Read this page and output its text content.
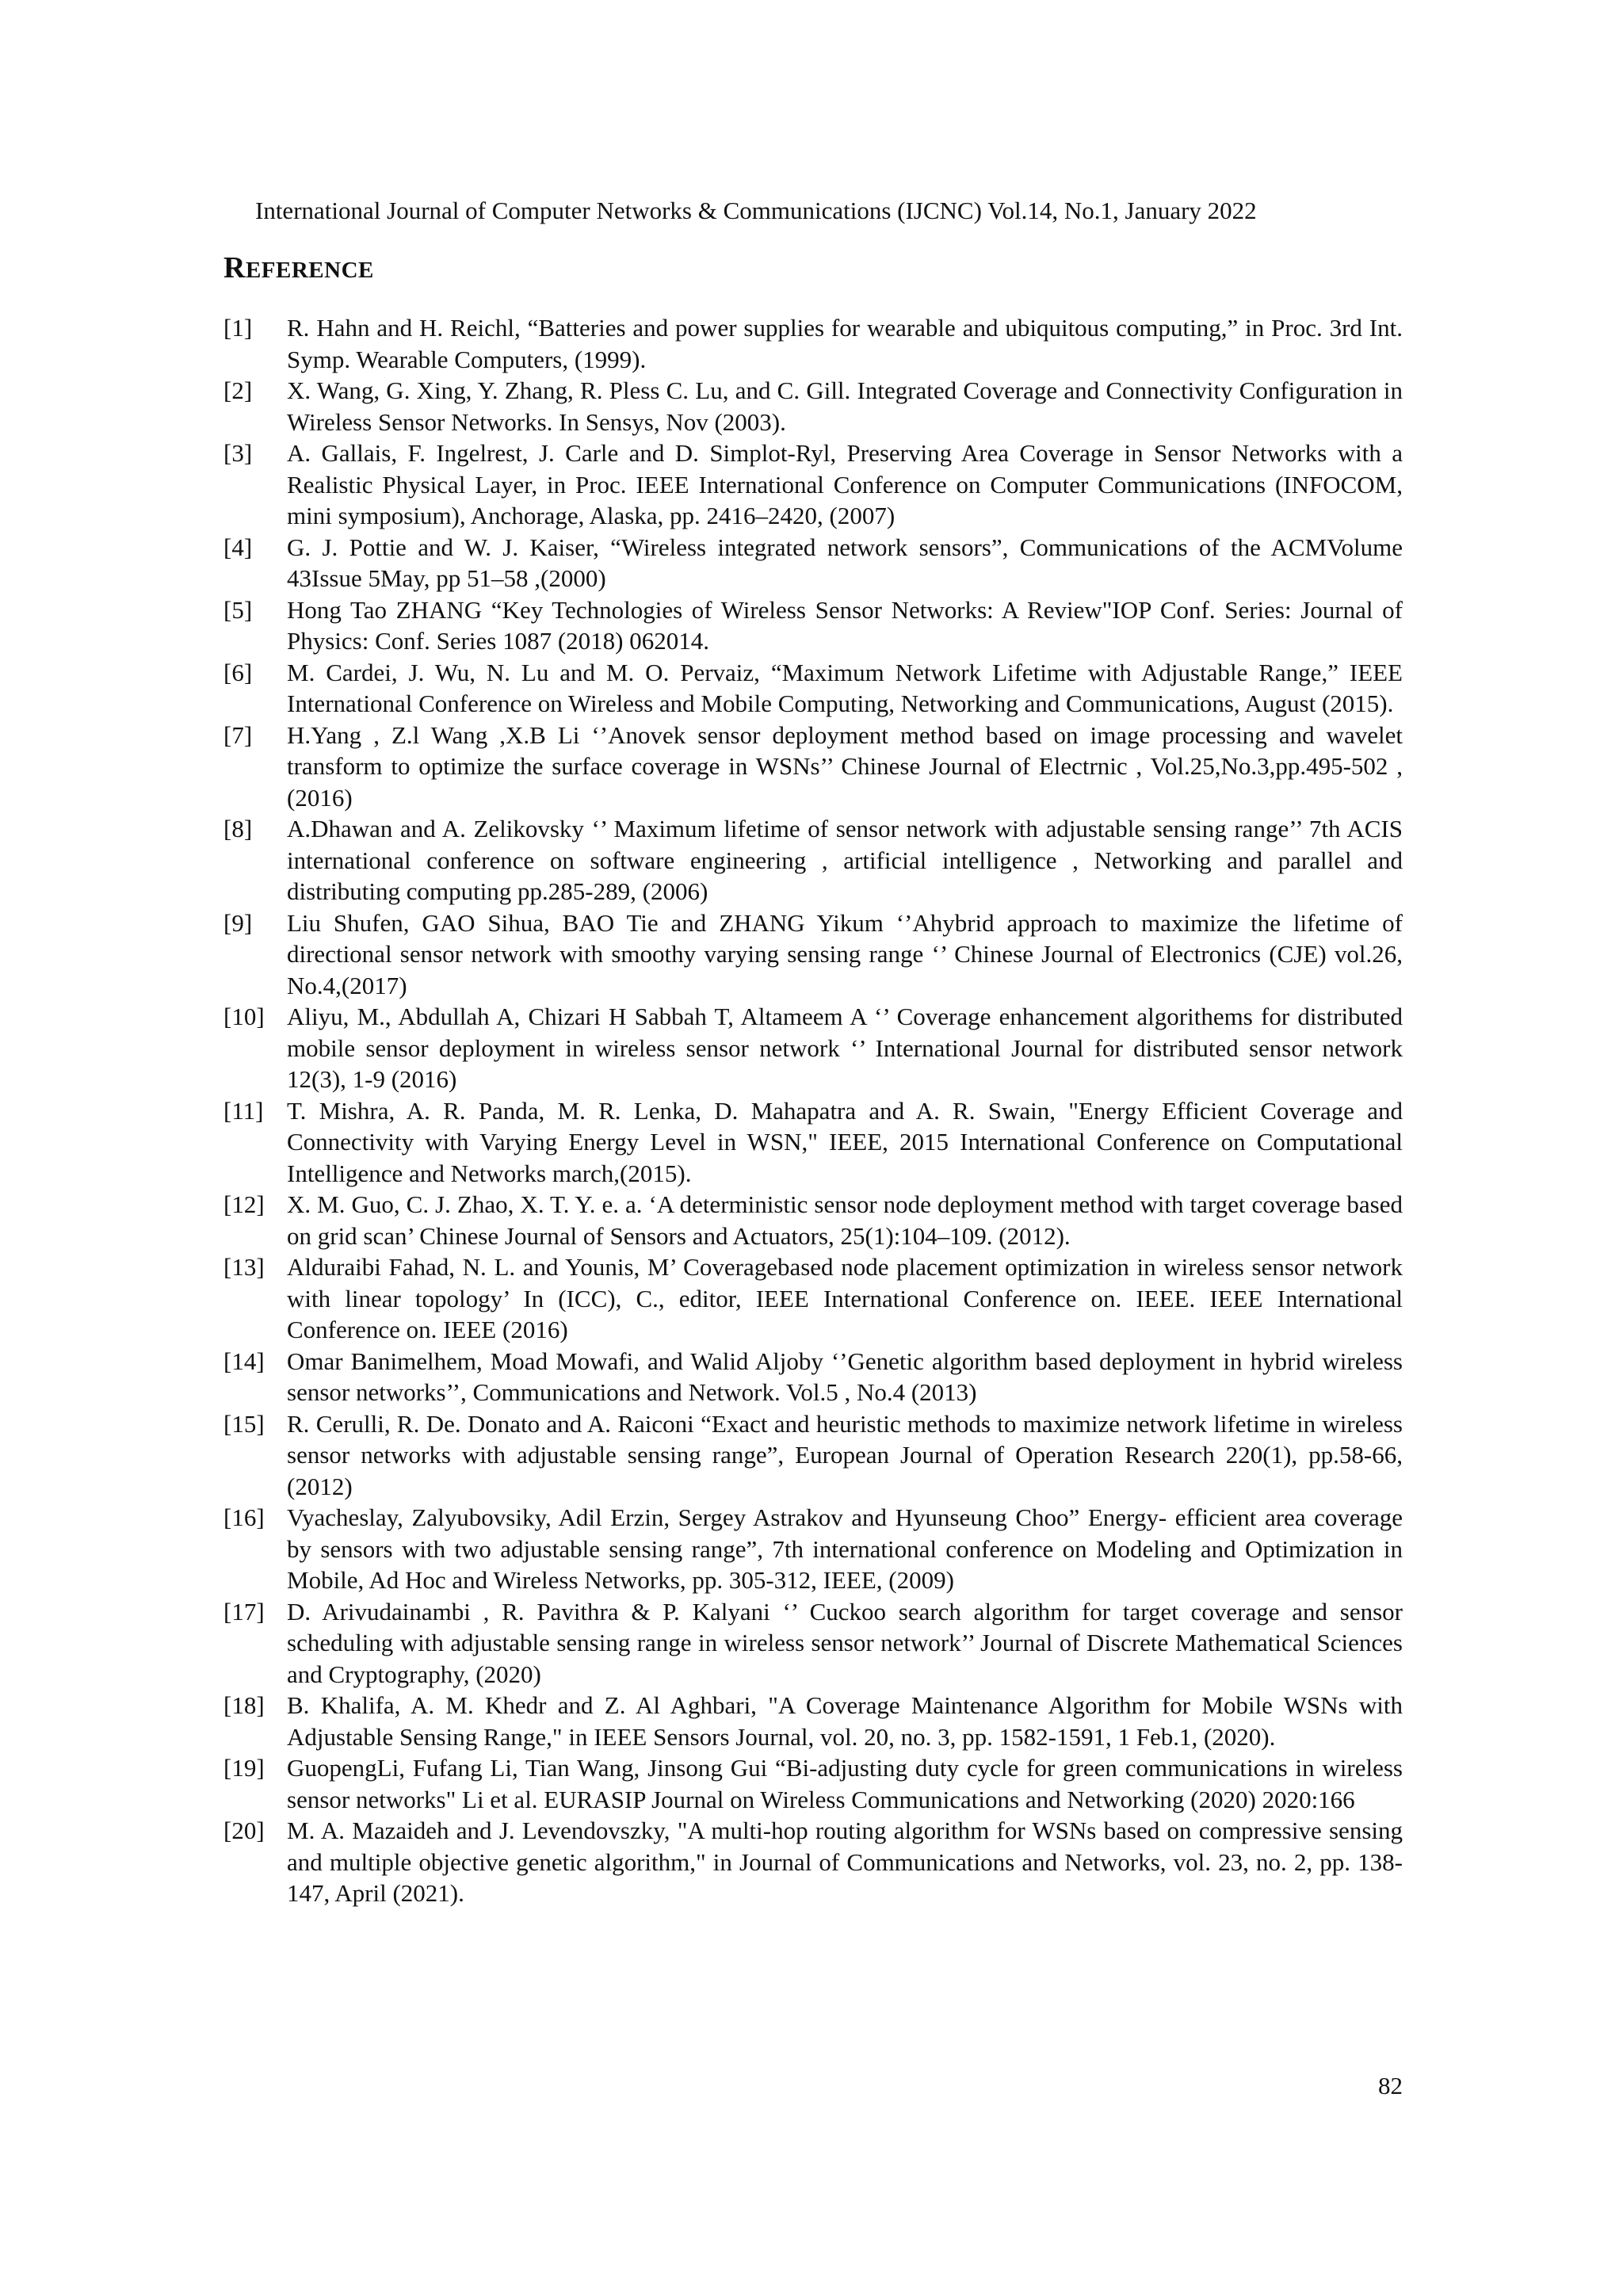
International Journal of Computer Networks & Communications (IJCNC) Vol.14, No.1, January 2022
REFERENCE
[1]	R. Hahn and H. Reichl, “Batteries and power supplies for wearable and ubiquitous computing,” in Proc. 3rd Int. Symp. Wearable Computers, (1999).
[2]	X. Wang, G. Xing, Y. Zhang, R. Pless C. Lu, and C. Gill. Integrated Coverage and Connectivity Configuration in Wireless Sensor Networks. In Sensys, Nov (2003).
[3]	A. Gallais, F. Ingelrest, J. Carle and D. Simplot-Ryl, Preserving Area Coverage in Sensor Networks with a Realistic Physical Layer, in Proc. IEEE International Conference on Computer Communications (INFOCOM, mini symposium), Anchorage, Alaska, pp. 2416–2420, (2007)
[4]	G. J. Pottie and W. J. Kaiser, “Wireless integrated network sensors”, Communications of the ACMVolume 43Issue 5May, pp 51–58 ,(2000)
[5]	Hong Tao ZHANG “Key Technologies of Wireless Sensor Networks: A Review"IOP Conf. Series: Journal of Physics: Conf. Series 1087 (2018) 062014.
[6]	M. Cardei, J. Wu, N. Lu and M. O. Pervaiz, “Maximum Network Lifetime with Adjustable Range,” IEEE International Conference on Wireless and Mobile Computing, Networking and Communications, August (2015).
[7]	H.Yang , Z.l Wang ,X.B Li ‘’Anovek sensor deployment method based on image processing and wavelet transform to optimize the surface coverage in WSNs’’ Chinese Journal of Electrnic , Vol.25,No.3,pp.495-502 , (2016)
[8]	A.Dhawan and A. Zelikovsky ‘’ Maximum lifetime of sensor network with adjustable sensing range’’ 7th ACIS international conference on software engineering , artificial intelligence , Networking and parallel and distributing computing pp.285-289, (2006)
[9]	Liu Shufen, GAO Sihua, BAO Tie and ZHANG Yikum ‘’Ahybrid approach to maximize the lifetime of directional sensor network with smoothy varying sensing range ‘’ Chinese Journal of Electronics (CJE) vol.26, No.4,(2017)
[10] Aliyu, M., Abdullah A, Chizari H Sabbah T, Altameem A ‘’ Coverage enhancement algorithems for distributed mobile sensor deployment in wireless sensor network ‘’ International Journal for distributed sensor network 12(3), 1-9 (2016)
[11] T. Mishra, A. R. Panda, M. R. Lenka, D. Mahapatra and A. R. Swain, "Energy Efficient Coverage and Connectivity with Varying Energy Level in WSN," IEEE, 2015 International Conference on Computational Intelligence and Networks march,(2015).
[12] X. M. Guo, C. J. Zhao, X. T. Y. e. a. ‘A deterministic sensor node deployment method with target coverage based on grid scan’ Chinese Journal of Sensors and Actuators, 25(1):104–109. (2012).
[13] Alduraibi Fahad, N. L. and Younis, M’ Coveragebased node placement optimization in wireless sensor network with linear topology’ In (ICC), C., editor, IEEE International Conference on. IEEE. IEEE International Conference on. IEEE (2016)
[14] Omar Banimelhem, Moad Mowafi, and Walid Aljoby ‘’Genetic algorithm based deployment in hybrid wireless sensor networks’’, Communications and Network. Vol.5 , No.4 (2013)
[15] R. Cerulli, R. De. Donato and A. Raiconi “Exact and heuristic methods to maximize network lifetime in wireless sensor networks with adjustable sensing range”, European Journal of Operation Research 220(1), pp.58-66, (2012)
[16] Vyacheslay, Zalyubovsiky, Adil Erzin, Sergey Astrakov and Hyunseung Choo” Energy- efficient area coverage by sensors with two adjustable sensing range”, 7th international conference on Modeling and Optimization in Mobile, Ad Hoc and Wireless Networks, pp. 305-312, IEEE, (2009)
[17] D. Arivudainambi , R. Pavithra & P. Kalyani ‘’ Cuckoo search algorithm for target coverage and sensor scheduling with adjustable sensing range in wireless sensor network’’ Journal of Discrete Mathematical Sciences and Cryptography, (2020)
[18] B. Khalifa, A. M. Khedr and Z. Al Aghbari, "A Coverage Maintenance Algorithm for Mobile WSNs with Adjustable Sensing Range," in IEEE Sensors Journal, vol. 20, no. 3, pp. 1582-1591, 1 Feb.1, (2020).
[19] GuopengLi, Fufang Li, Tian Wang, Jinsong Gui “Bi-adjusting duty cycle for green communications in wireless sensor networks" Li et al. EURASIP Journal on Wireless Communications and Networking (2020) 2020:166
[20] M. A. Mazaideh and J. Levendovszky, "A multi-hop routing algorithm for WSNs based on compressive sensing and multiple objective genetic algorithm," in Journal of Communications and Networks, vol. 23, no. 2, pp. 138-147, April (2021).
82
